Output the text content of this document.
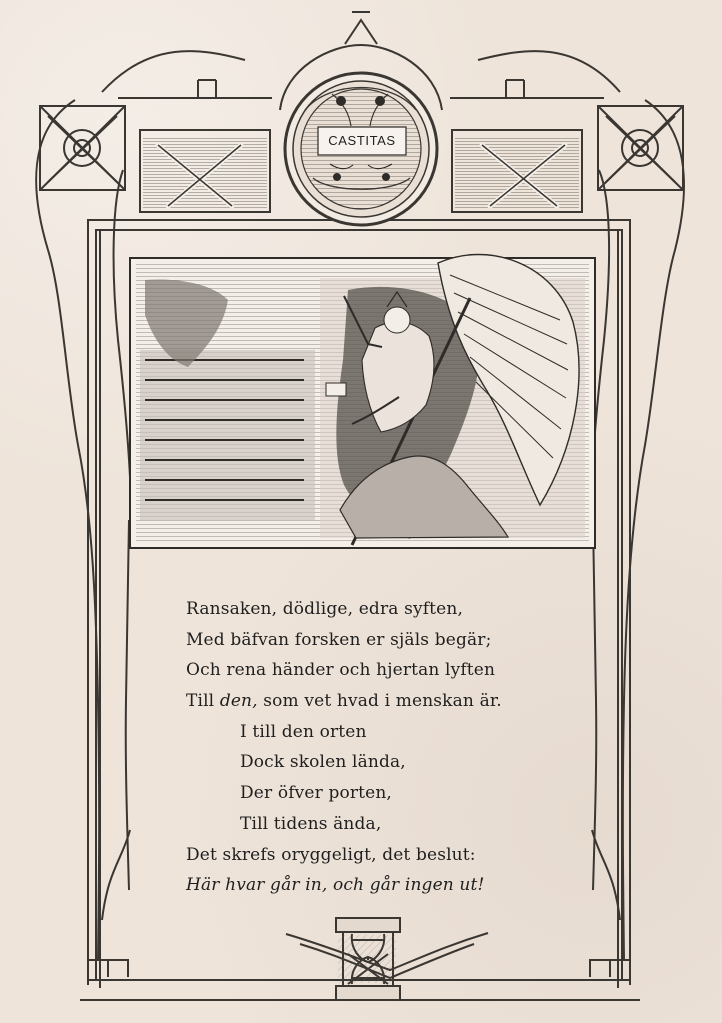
CASTITAS
Ransaken, dödlige, edra syften,
Med bäfvan forsken er själs begär;
Och rena händer och hjertan lyften
Till den, som vet hvad i menskan är.
I till den orten
Dock skolen lända,
Der öfver porten,
Till tidens ända,
Det skrefs oryggeligt, det beslut:
Här hvar går in, och går ingen ut!
